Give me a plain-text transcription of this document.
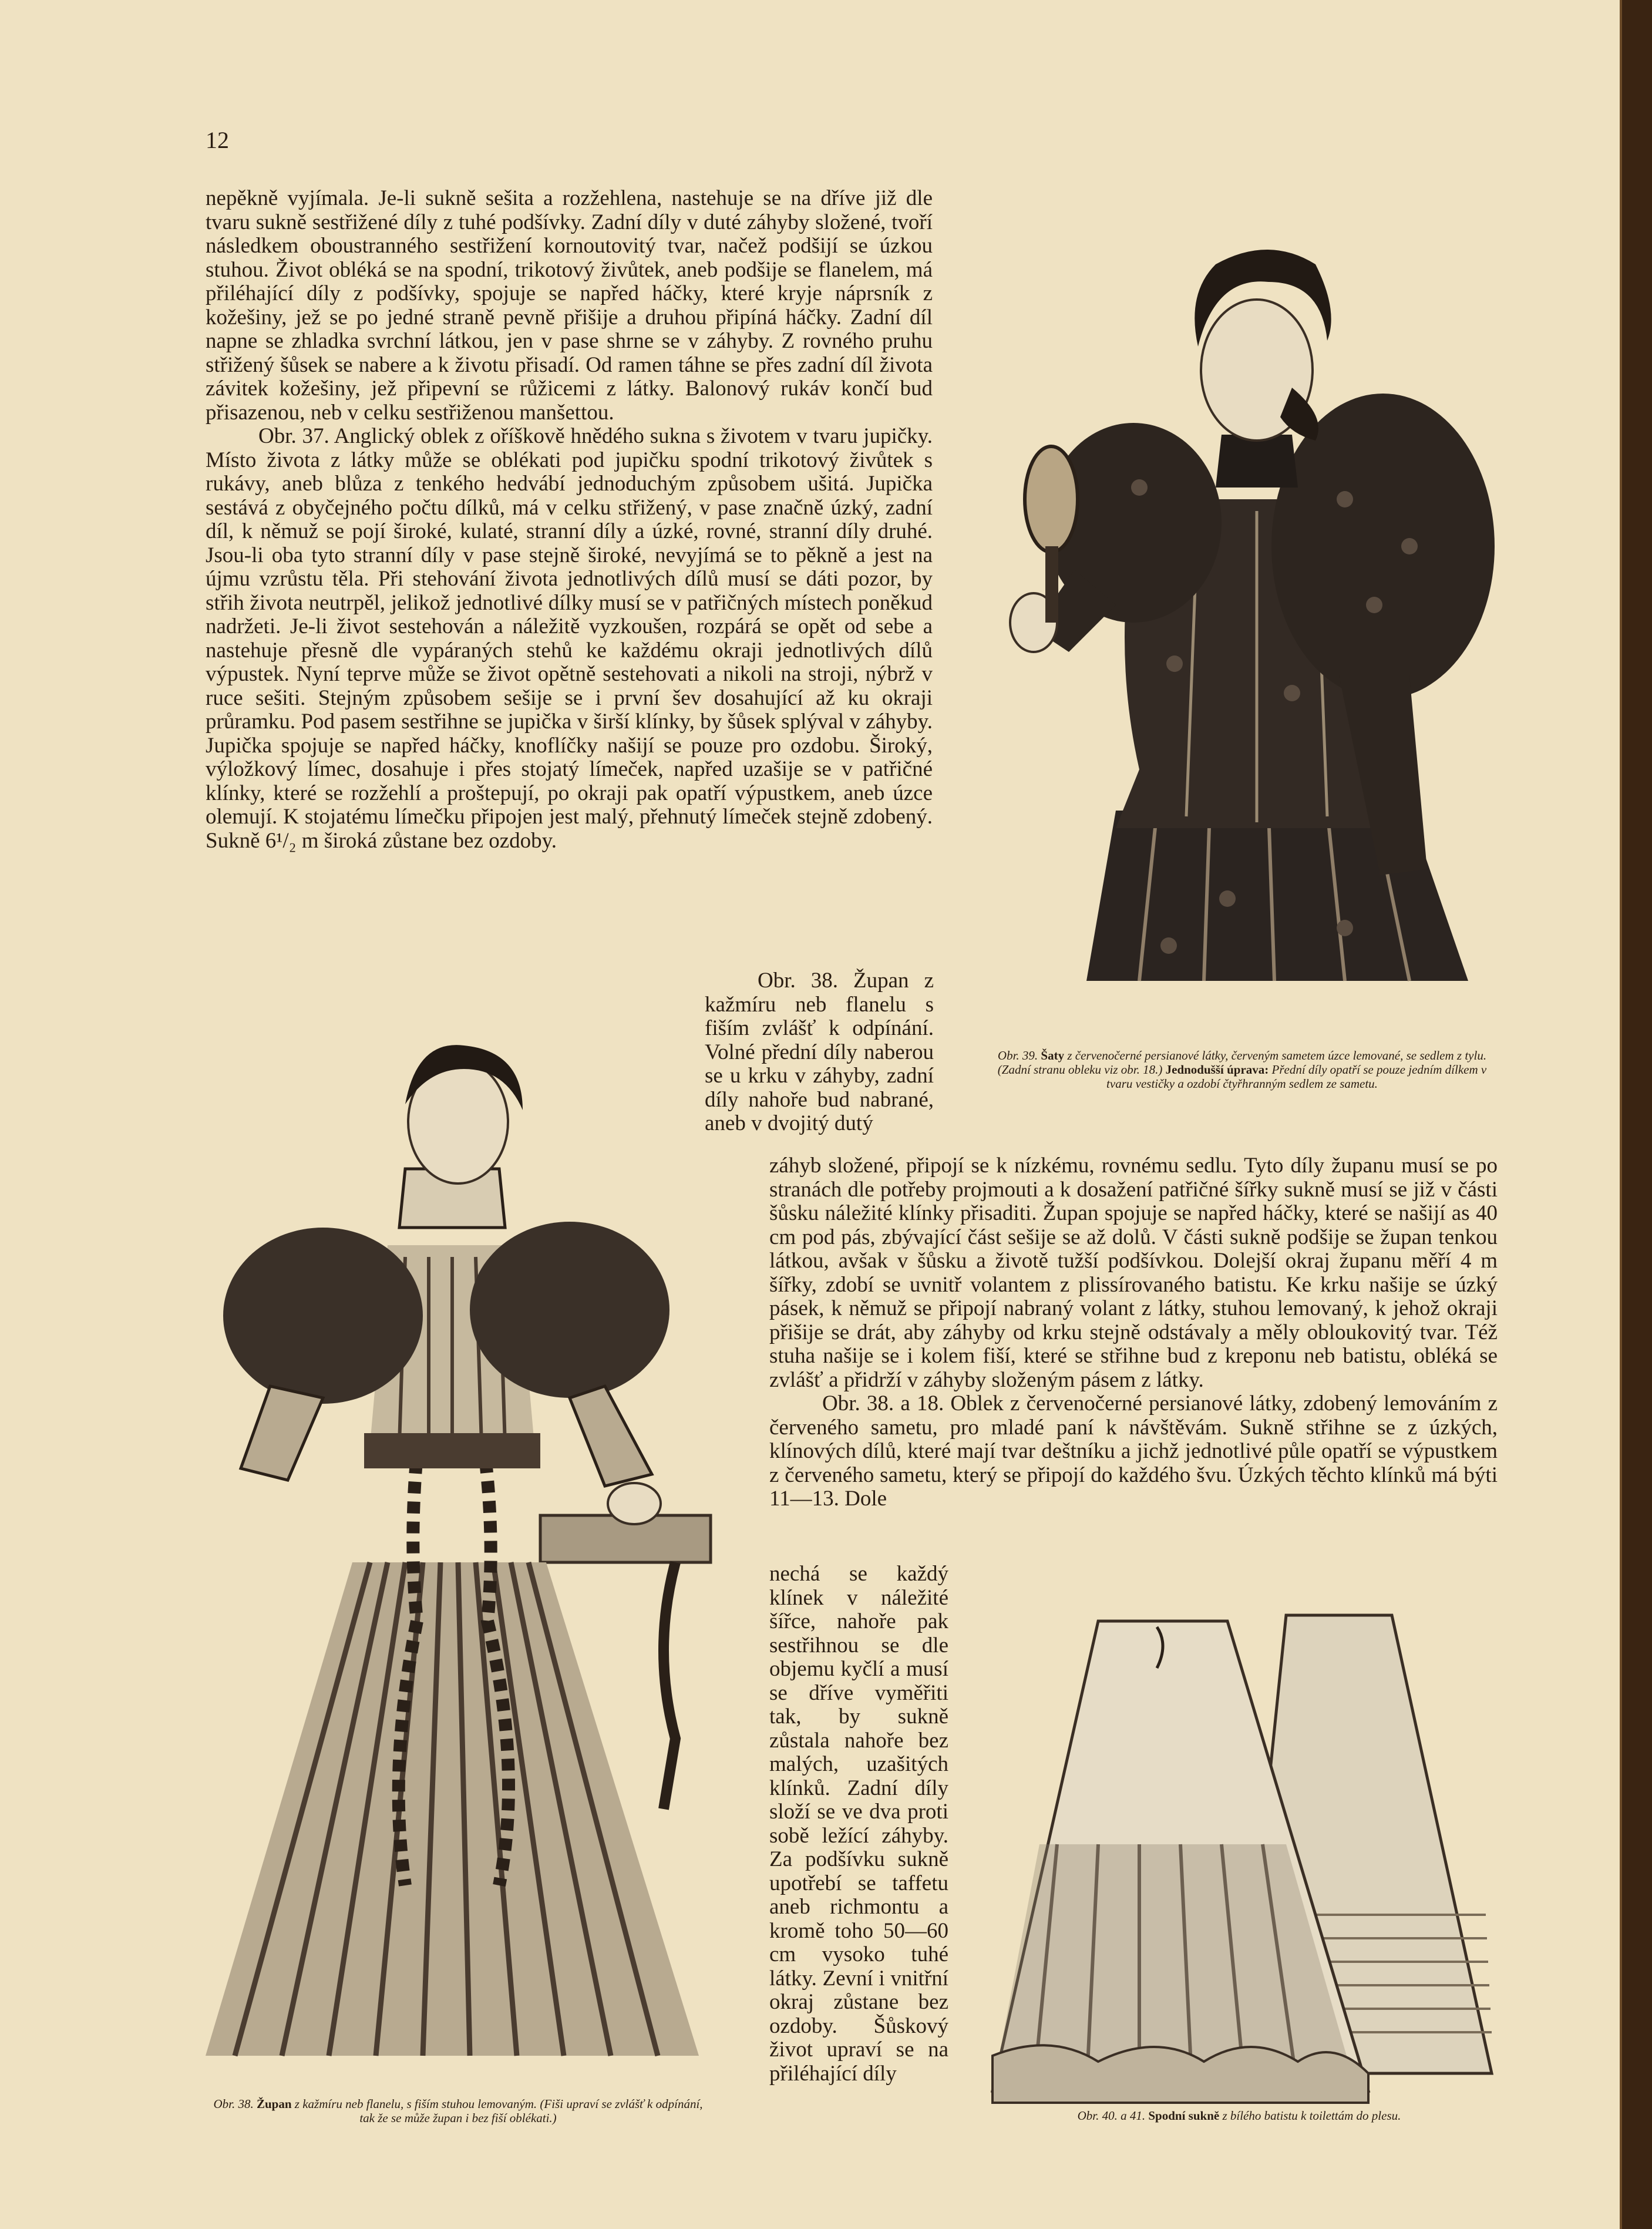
12

nepěkně vyjímala. Je-li sukně sešita a rozžehlena, nastehuje se na dříve již dle tvaru sukně sestřižené díly z tuhé podšívky. Zadní díly v duté záhyby složené, tvoří následkem oboustranného sestřižení kornoutovitý tvar, načež podšijí se úzkou stuhou. Život obléká se na spodní, trikotový živůtek, aneb podšije se flanelem, má přiléhající díly z podšívky, spojuje se napřed háčky, které kryje náprsník z kožešiny, jež se po jedné straně pevně přišije a druhou připíná háčky. Zadní díl napne se zhladka svrchní látkou, jen v pase shrne se v záhyby. Z rovného pruhu střižený šůsek se nabere a k životu přisadí. Od ramen táhne se přes zadní díl života závitek kožešiny, jež připevní se růžicemi z látky. Balonový rukáv končí bud přisazenou, neb v celku sestřiženou manšettou.

Obr. 37. Anglický oblek z oříškově hnědého sukna s životem v tvaru jupičky. Místo života z látky může se oblékati pod jupičku spodní trikotový živůtek s rukávy, aneb blůza z tenkého hedvábí jednoduchým způsobem ušitá. Jupička sestává z obyčejného počtu dílků, má v celku střižený, v pase značně úzký, zadní díl, k němuž se pojí široké, kulaté, stranní díly a úzké, rovné, stranní díly druhé. Jsou-li oba tyto stranní díly v pase stejně široké, nevyjímá se to pěkně a jest na újmu vzrůstu těla. Při stehování života jednotlivých dílů musí se dáti pozor, by střih života neutrpěl, jelikož jednotlivé dílky musí se v patřičných místech poněkud nadržeti. Je-li život sestehován a náležitě vyzkoušen, rozpárá se opět od sebe a nastehuje přesně dle vypáraných stehů ke každému okraji jednotlivých dílů výpustek. Nyní teprve může se život opětně sestehovati a nikoli na stroji, nýbrž v ruce sešiti. Stejným způsobem sešije se i první šev dosahující až ku okraji průramku. Pod pasem sestřihne se jupička v širší klínky, by šůsek splýval v záhyby. Jupička spojuje se napřed háčky, knoflíčky našijí se pouze pro ozdobu. Široký, výložkový límec, dosahuje i přes stojatý límeček, napřed uzašije se v patřičné klínky, které se rozžehlí a proštepují, po okraji pak opatří výpustkem, aneb úzce olemují. K stojatému límečku připojen jest malý, přehnutý límeček stejně zdobený. Sukně 6¹/₂ m široká zůstane bez ozdoby.

Obr. 38. Župan z kažmíru neb flanelu s fiším zvlášť k odpínání. Volné přední díly naberou se u krku v záhyby, zadní díly nahoře bud nabrané, aneb v dvojitý dutý

záhyb složené, připojí se k nízkému, rovnému sedlu. Tyto díly županu musí se po stranách dle potřeby projmouti a k dosažení patřičné šířky sukně musí se již v části šůsku náležité klínky přisaditi. Župan spojuje se napřed háčky, které se našijí as 40 cm pod pás, zbývající část sešije se až dolů. V části sukně podšije se župan tenkou látkou, avšak v šůsku a životě tužší podšívkou. Dolejší okraj županu měří 4 m šířky, zdobí se uvnitř volantem z plissírovaného batistu. Ke krku našije se úzký pásek, k němuž se připojí nabraný volant z látky, stuhou lemovaný, k jehož okraji přišije se drát, aby záhyby od krku stejně odstávaly a měly obloukovitý tvar. Též stuha našije se i kolem fiší, které se střihne bud z kreponu neb batistu, obléká se zvlášť a přidrží v záhyby složeným pásem z látky.

Obr. 38. a 18. Oblek z červenočerné persianové látky, zdobený lemováním z červeného sametu, pro mladé paní k návštěvám. Sukně střihne se z úzkých, klínových dílů, které mají tvar deštníku a jichž jednotlivé půle opatří se výpustkem z červeného sametu, který se připojí do každého švu. Úzkých těchto klínků má býti 11—13. Dole

nechá se každý klínek v náležité šířce, nahoře pak sestřihnou se dle objemu kyčlí a musí se dříve vyměřiti tak, by sukně zůstala nahoře bez malých, uzašitých klínků. Zadní díly složí se ve dva proti sobě ležící záhyby. Za podšívku sukně upotřebí se taffetu aneb richmontu a kromě toho 50—60 cm vysoko tuhé látky. Zevní i vnitřní okraj zůstane bez ozdoby. Šůskový život upraví se na přiléhající díly

Obr. 39. Šaty z červenočerné persianové látky, červeným sametem úzce lemované, se sedlem z tylu. (Zadní stranu obleku viz obr. 18.) Jednodušší úprava: Přední díly opatří se pouze jedním dílkem v tvaru vestičky a ozdobí čtyřhranným sedlem ze sametu.
Obr. 38. Župan z kažmíru neb flanelu, s fiším stuhou lemovaným. (Fiši upraví se zvlášť k odpínání, tak že se může župan i bez fiší oblékati.)	Obr. 40. a 41. Spodní sukně z bílého batistu k toilettám do plesu.
